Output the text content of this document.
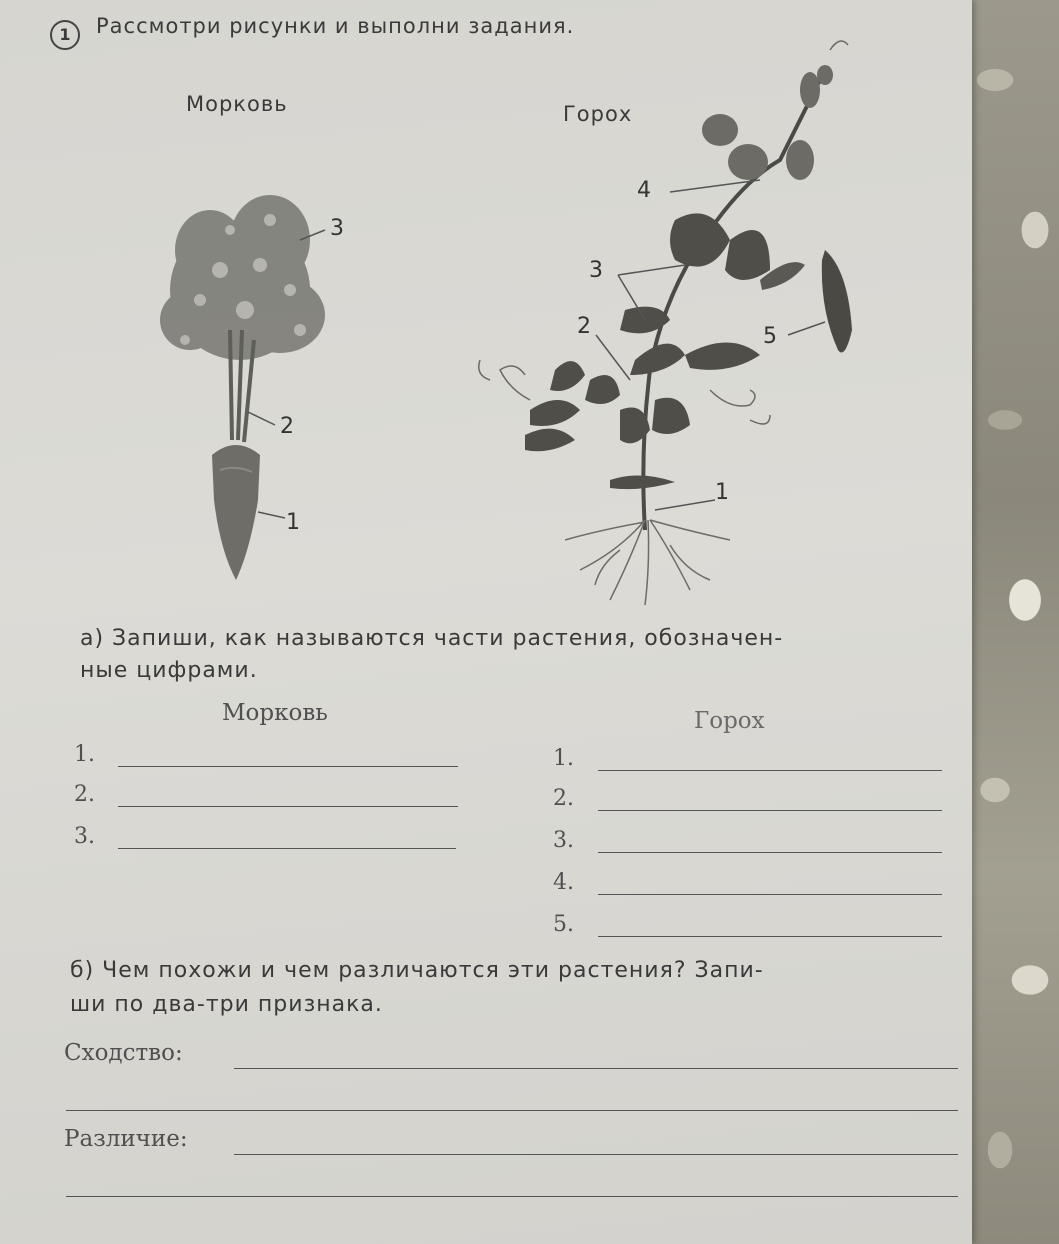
1	Рассмотри рисунки и выполни задания.
Морковь	Горох
3
2
1
4
3
2	5
1
а) Запиши, как называются части растения, обозначен-
ные цифрами.
Морковь	Горох
1.
2.
3.
1.
2.
3.
4.
5.
б) Чем похожи и чем различаются эти растения? Запи-
ши по два-три признака.
Сходство:
Различие:
